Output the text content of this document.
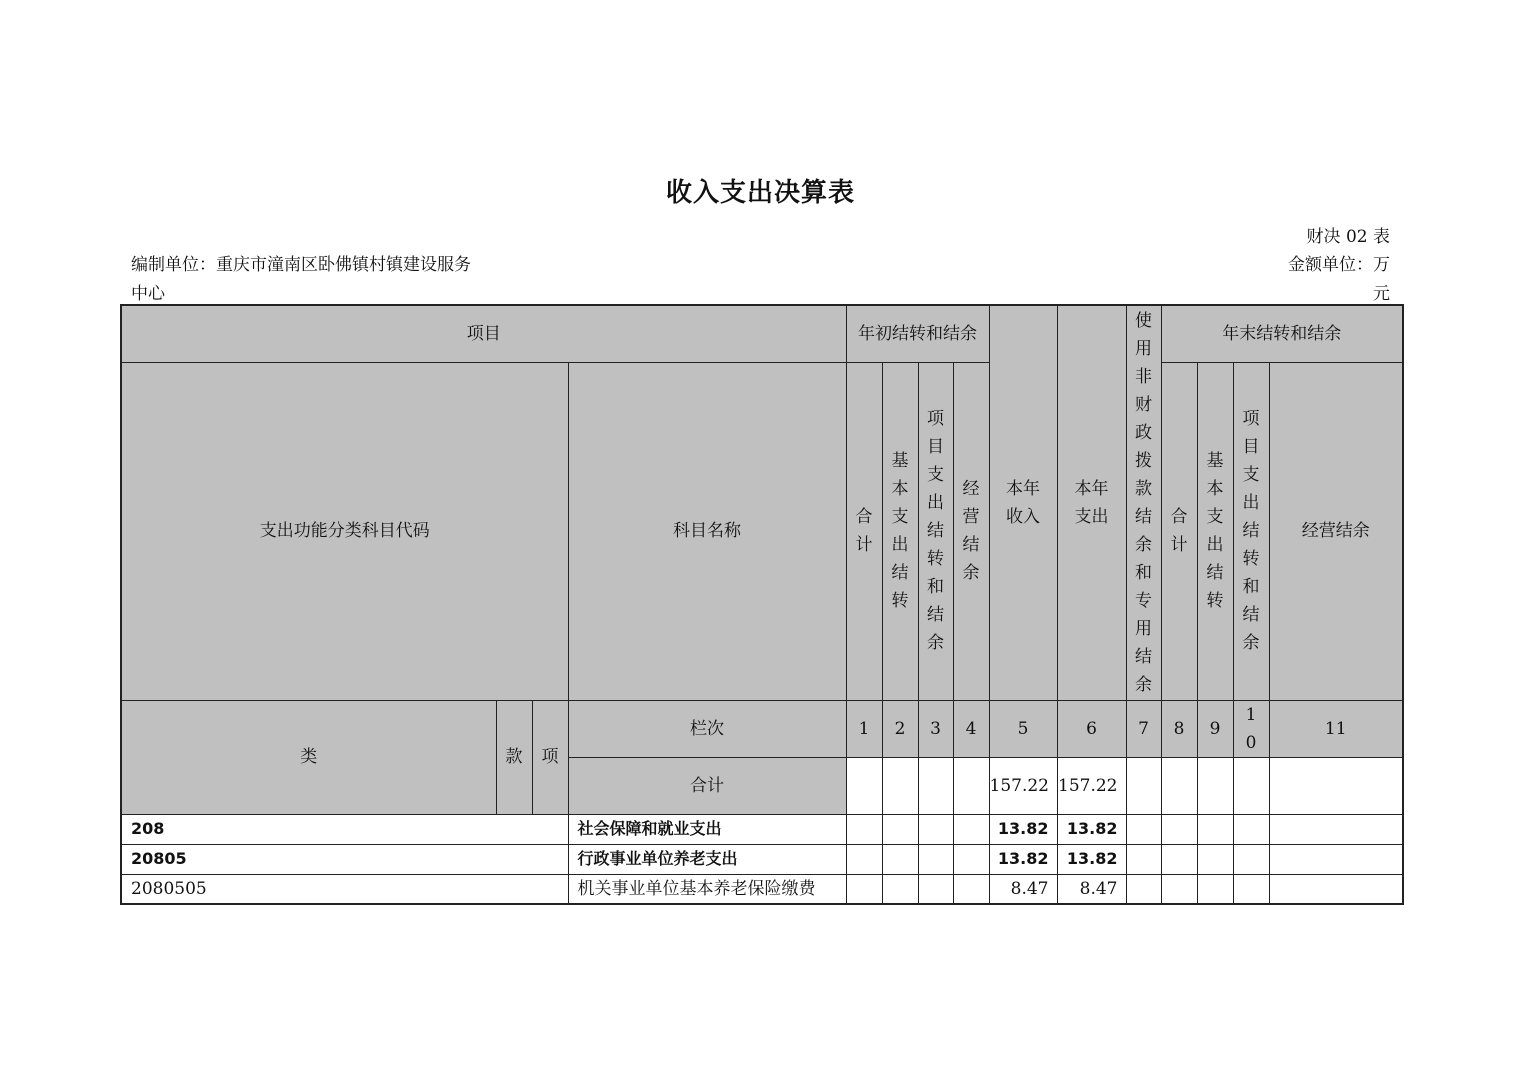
收入支出决算表
财决 02 表
编制单位：重庆市潼南区卧佛镇村镇建设服务
中心
金额单位：万
元
项目				年初结转和结余				本年收入	本年支出	使用非财政拨款结余和专用结余	年末结转和结余			
支出功能分类科目代码			科目名称	合计	基本支出结转	项目支出结转和结余	经营结余				合计	基本支出结转	项目支出结转和结余	经营结余
类	款	项	栏次	1	2	3	4	5	6	7	8	9	10	11
			合计					157.22	157.22					
208			社会保障和就业支出					13.82	13.82					
20805			行政事业单位养老支出					13.82	13.82					
2080505			机关事业单位基本养老保险缴费					8.47	8.47					
